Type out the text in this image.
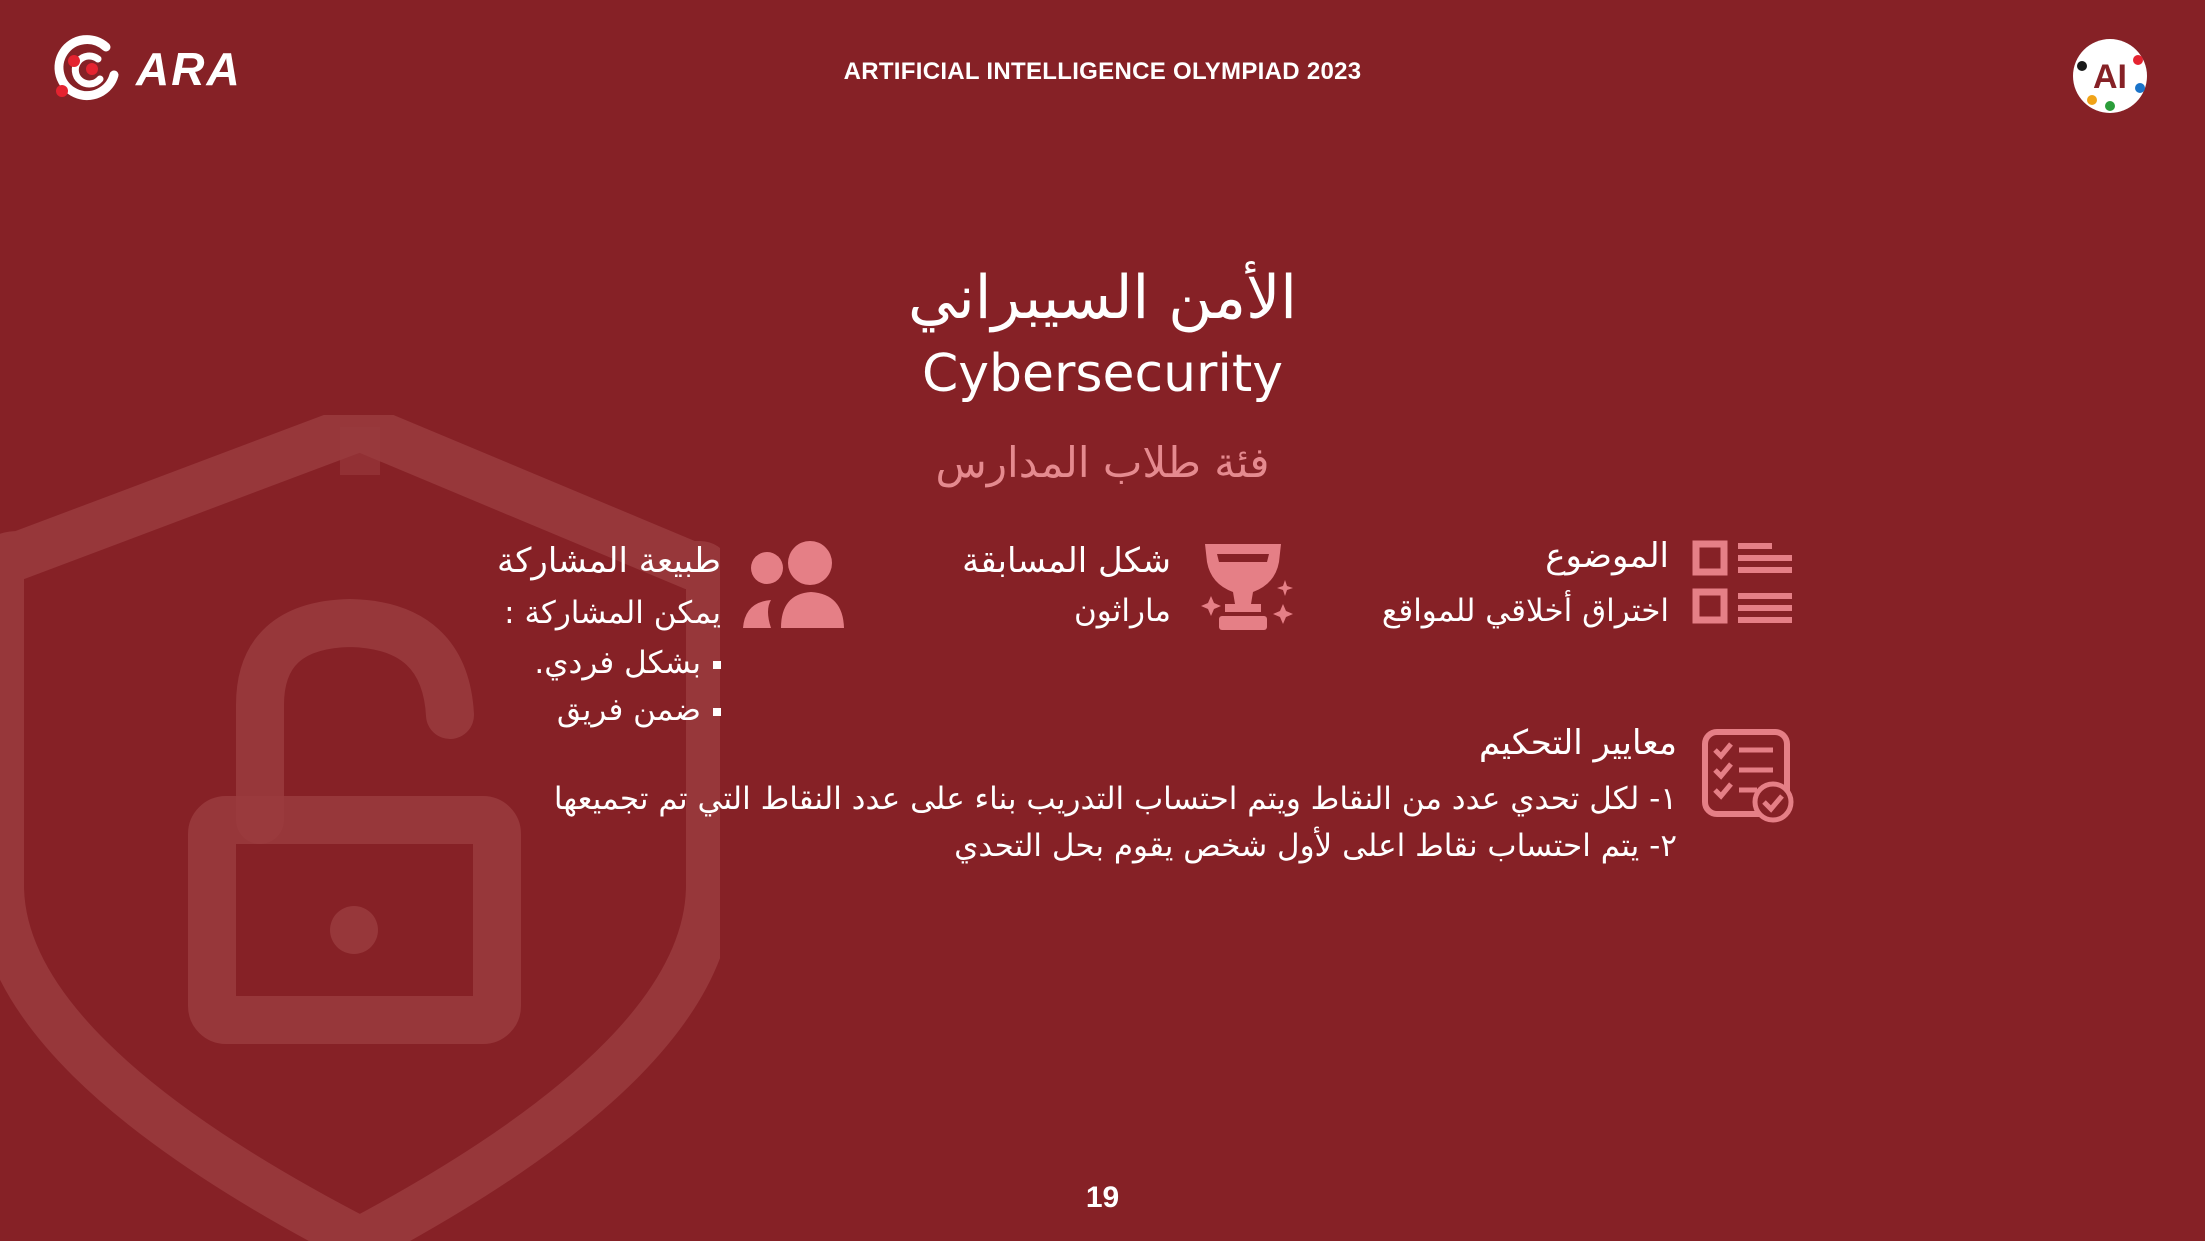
ARA	ARTIFICIAL INTELLIGENCE OLYMPIAD 2023	AI
الأمن السيبراني
Cybersecurity
فئة طلاب المدارس
الموضوع
اختراق أخلاقي للمواقع
شكل المسابقة
ماراثون
طبيعة المشاركة
يمكن المشاركة :
بشكل فردي.
ضمن فريق
معايير التحكيم
١- لكل تحدي عدد من النقاط ويتم احتساب التدريب بناء على عدد النقاط التي تم تجميعها
٢- يتم احتساب نقاط اعلى لأول شخص يقوم بحل التحدي
19
